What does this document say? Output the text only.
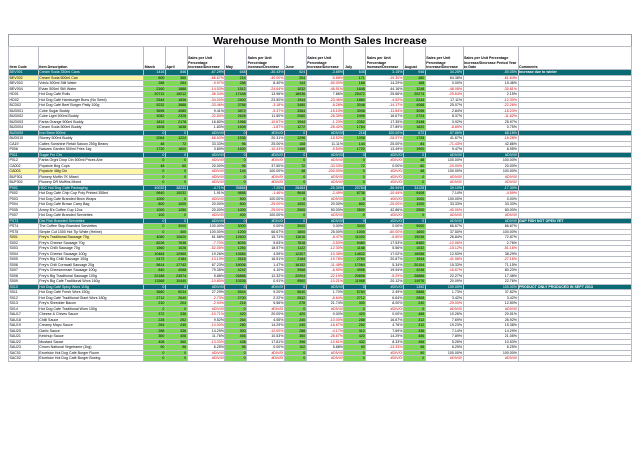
Warehouse Month to Month Sales Increase
Item Code	Item Description	March	April	Sales per Unit Percentage Increase/Decrease	May	Sales per Unit Percentage Increase/Decrease	June	Sales per Unit Percentage Increase/Decrease	July	Sales per Unit Percentage Increase/Decrease	August	Sales per Unit Percentage Increase/Decrease	Sales per Unit Percentage Increase/Decrease Period Year to Date	Comments
BEV001	Cream Soda 330ml Cans	1416	846	-67.29%	648	-30.43%	624	-3.85%	645	3.15%	946	34.28%	-50.05%	Increase due to winter
BEV002	Cream Soda 500ml Can	600	360	-66.67%	216	-40.00%	204	-5.88%	171	-19.30%	480	64.38%	-61.64%	
BEV003	Volvic 500ml Still Water	288	264	-9.97%	288	8.40%	144	-50.00%	168	14.29%	168	0.00%	15.46%	
BEV004	Evian 500ml Still Water	2160	1886	-14.53%	1512	-24.64%	1032	-46.51%	1848	44.16%	1248	-48.08%	-30.81%	
HD01	Hot Dog Café Rolls	20712	15012	-36.34%	17448	13.96%	18936	7.86%	25472	25.66%	20274	-25.64%	2.15%	
HD02	Hot Dog Café Hamburger Buns (No Seed)	2544	1836	-34.00%	2400	23.50%	1944	-23.46%	1860	-4.52%	2244	17.11%	-12.30%	
BCD02	Hot Dog Café Beef Burger Patty 100g	5232	3888	-33.46%	3768	-3.18%	3480	-8.28%	3048	-14.17%	4068	25.07%	-22.26%	
BUD001	Cube Sugar Buddy	3696	4080	9.41%	3872	-5.37%	3364	-15.10%	3008	-11.84%	3096	2.84%	-16.23%	
BUD002	Cube Light 500ml Buddy	3082	2326	-32.50%	2628	11.50%	2080	-26.35%	2496	16.67%	2724	8.37%	-11.62%	
BUD003	Fanta Orange 500ml Buddy	1812	2178	16.80%	1968	-10.67%	1944	-1.23%	2352	17.35%	2448	3.92%	25.97%	
BUD004	Cream Soda 500ml Buddy	1608	1638	1.83%	1608	-1.87%	1272	-26.42%	1764	27.89%	1620	-8.89%	0.75%	
BUD009	Iron Brew 500ml	0	0	#DIV/0!	0	#DIV/0!	0	#DIV/0!	216	100.00%	672	67.86%	68.18%	
BUD010	Stoney 500ml Buddy	2064	1224	-68.63%	1536	20.31%	1296	-18.52%	1008	-28.57%	1728	41.67%	-16.28%	
CA19	Caltex Sunshine Retail Saloon 250g Beans	48	72	33.33%	96	25.00%	108	11.11%	144	25.00%	84	-71.43%	42.86%	
P006	Natures Garden 500ml Fries 1kg	1730	1800	3.89%	1630	-10.43%	1488	-9.54%	1720	13.49%	1900	9.47%	8.95%	
P011	Sugar Frn Ctn	0	0	#DIV/0!	0	#DIV/0!	0	#DIV/0!	0	#DIV/0!	0	#DIV/0!	#DIV/0!	
P012	Fanta Orgnl Drop Ctn 500ml Prices Ahe	0	0	#DIV/0!	0	#DIV/0!	0	#DIV/0!	0	#DIV/0!	48	100.00%	100.00%	
CA002	Popsicle Bng Cups	48	60	20.00%	96	37.50%	72	-33.33%	72	0.00%	60	-20.00%	20.00%	
CA003	Popsicle 48lg Ctn	0	0	#DIV/0!	144	100.00%	48	-200.00%	0	#DIV/0!	48	100.00%	100.00%	
BUF001	Flowery Muffin 7K Mixed	0	0	#DIV/0!	0	#DIV/0!	0	#DIV/0!	0	#DIV/0!	0	#DIV/0!	#DIV/0!	
BUF002	Flowery DR Muffins Mixed	0	0	#DIV/0!	0	#DIV/0!	0	#DIV/0!	0	#DIV/0!	0	#DIV/0!	#DIV/0!	
P001	HDC Hot Dog Café Packaging	40032	38232	-4.71%	35664	-7.20%	28464	-25.30%	20784	-36.94%	34128	39.10%	-17.30%	
P002	Hot Dog Café Chip Cup Poly Printed 355ml	9840	10032	1.91%	9888	-1.46%	9648	-2.49%	8736	-10.44%	9408	7.14%	-4.59%	
P003	Hot Dog Café Branded Brwn Wraps	1000	0	#DIV/0!	500	100.00%	0	#DIV/0!	0	#DIV/0!	1000	100.00%	0.00%	
P004	Hot Dog Café Brown Carry Bag	800	1000	20.00%	800	-25.00%	1000	20.00%	800	-25.00%	1200	33.33%	33.33%	
P005	Arnny B's Coffee Cup 12oz	1000	1250	20.00%	1000	-25.00%	2000	50.00%	3500	42.86%	2500	-40.00%	60.00%	
P007	Hot Dog Café Branded Serviettes	100	0	#DIV/0!	400	100.00%	0	#DIV/0!	0	#DIV/0!	0	#DIV/0!	#DIV/0!	
PS73	Dixi Fish Branded Serviettes	0	0	#DIV/0!	0	#DIV/0!	0	#DIV/0!	0	#DIV/0!	0	#DIV/0!	#DIV/0!	GAP FISH NOT OPEN YET
PS74	The Coffee Stop Branded Serviettes	0	3000	100.00%	3000	0.00%	3000	0.00%	3000	0.00%	9000	66.67%	66.67%	
PS75	Simple Cut 1000 Hot Tip White (Heline)	0	400	100.00%	1200	66.67%	1600	25.00%	1000	-60.00%	1600	37.50%	100.00%	
S001	Frey's Traditional Sausage 70g	4080	10620	61.58%	12600	15.71%	11616	-8.47%	11000	-5.60%	15036	26.84%	72.87%	
S002	Frey's Cheese Sausage 70g	8226	7638	-7.70%	8094	5.63%	7818	-3.53%	9480	17.53%	8460	-12.06%	2.76%	
S003	Frey's Chilli Sausage 70g	1560	1026	-52.05%	1260	18.57%	1122	-12.30%	1188	5.56%	1032	-15.12%	-51.16%	
S004	Frey's Cheese Sausage 100g	10464	12960	19.26%	13584	4.59%	12307	-10.38%	14832	17.02%	16956	12.53%	38.29%	
S005	Frey's Big Chilli Sausage 100g	2472	2184	-13.19%	2616	16.51%	2184	-19.78%	2760	20.87%	1944	-41.98%	-27.16%	
S006	Frey's Chili Cornwall Sausage 20g	5814	17742	67.23%	18006	1.47%	16152	-11.48%	17064	5.34%	20154	15.33%	71.15%	
S007	Frey's Cheesecream Sausage 100g	840	4068	79.35%	4242	4.10%	3968	-6.90%	4956	19.94%	4248	-16.67%	80.23%	
S008	Frey's Big Traditional Sausage 100g	22188	23574	5.88%	26886	12.32%	22004	-22.19%	20898	-5.29%	26886	22.27%	17.48%	
S009	Frey's Big Café Traditional Wors 160g	11568	10440	-10.80%	10536	0.91%	9560	-10.21%	11968	20.12%	14976	20.09%	22.76%	
S010	Hot Dog Café Spicy Wors 115g	0	0	#DIV/0!	0	#DIV/0!	0	#DIV/0!	0	#DIV/0!	1392	100.00%	100.00%	PRODUCT ONLY PRODUCED IN SEPT 2013
S011	Hot Dog Café Fresh Wors 150g	3660	5034	27.29%	5544	9.20%	5640	1.70%	5784	2.49%	5886	1.73%	37.82%	
S012	Hot Dog Café Traditional Giant Wors 180g	2712	2640	-2.73%	2700	2.22%	2532	-6.64%	2712	6.64%	2808	3.42%	3.42%	
S013	Frey's Shredder Bacon	210	204	-2.94%	216	5.56%	276	21.74%	300	8.00%	240	-25.00%	12.50%	
S014	Hot Dog Café Traditional Wors 150g	0	0	#DIV/0!	0	#DIV/0!	0	#DIV/0!	0	#DIV/0!	0	#DIV/0!	#DIV/0!	
SAU17	Cheese & Chives Sauce	372	336	-10.71%	420	20.00%	420	0.00%	420	0.00%	468	10.26%	20.51%	
SAU18	Chilli Sauce	228	252	9.52%	264	4.55%	240	-10.00%	288	16.67%	312	7.69%	26.92%	
SAU19	Creamy Mayo Sauce	264	240	-10.00%	280	14.29%	240	-16.67%	252	4.76%	312	19.23%	15.38%	
SAU20	Garlic Sauce	288	336	14.29%	300	-12.00%	288	-4.17%	312	7.69%	336	7.14%	14.29%	
SAU21	Ketchup Sauce	360	408	11.76%	456	10.53%	360	-26.67%	420	14.29%	456	7.89%	21.05%	
SAU22	Mustard Sauce	408	360	-13.33%	438	17.81%	396	-10.61%	432	8.33%	456	5.26%	10.53%	
SAU23	Crown National Vegetrame (1kg)	90	96	6.25%	96	0.00%	102	5.88%	90	-13.33%	96	6.25%	6.25%	
SAC01	Excelsior Hot Dog Café Burger Room	0	0	#DIV/0!	0	#DIV/0!	0	#DIV/0!	0	#DIV/0!	90	100.00%	100.00%	
SAC02	Excelsior Hot Dog Café Burger Boxing	0	0	#DIV/0!	0	#DIV/0!	0	#DIV/0!	0	#DIV/0!	0	#DIV/0!	#DIV/0!	
